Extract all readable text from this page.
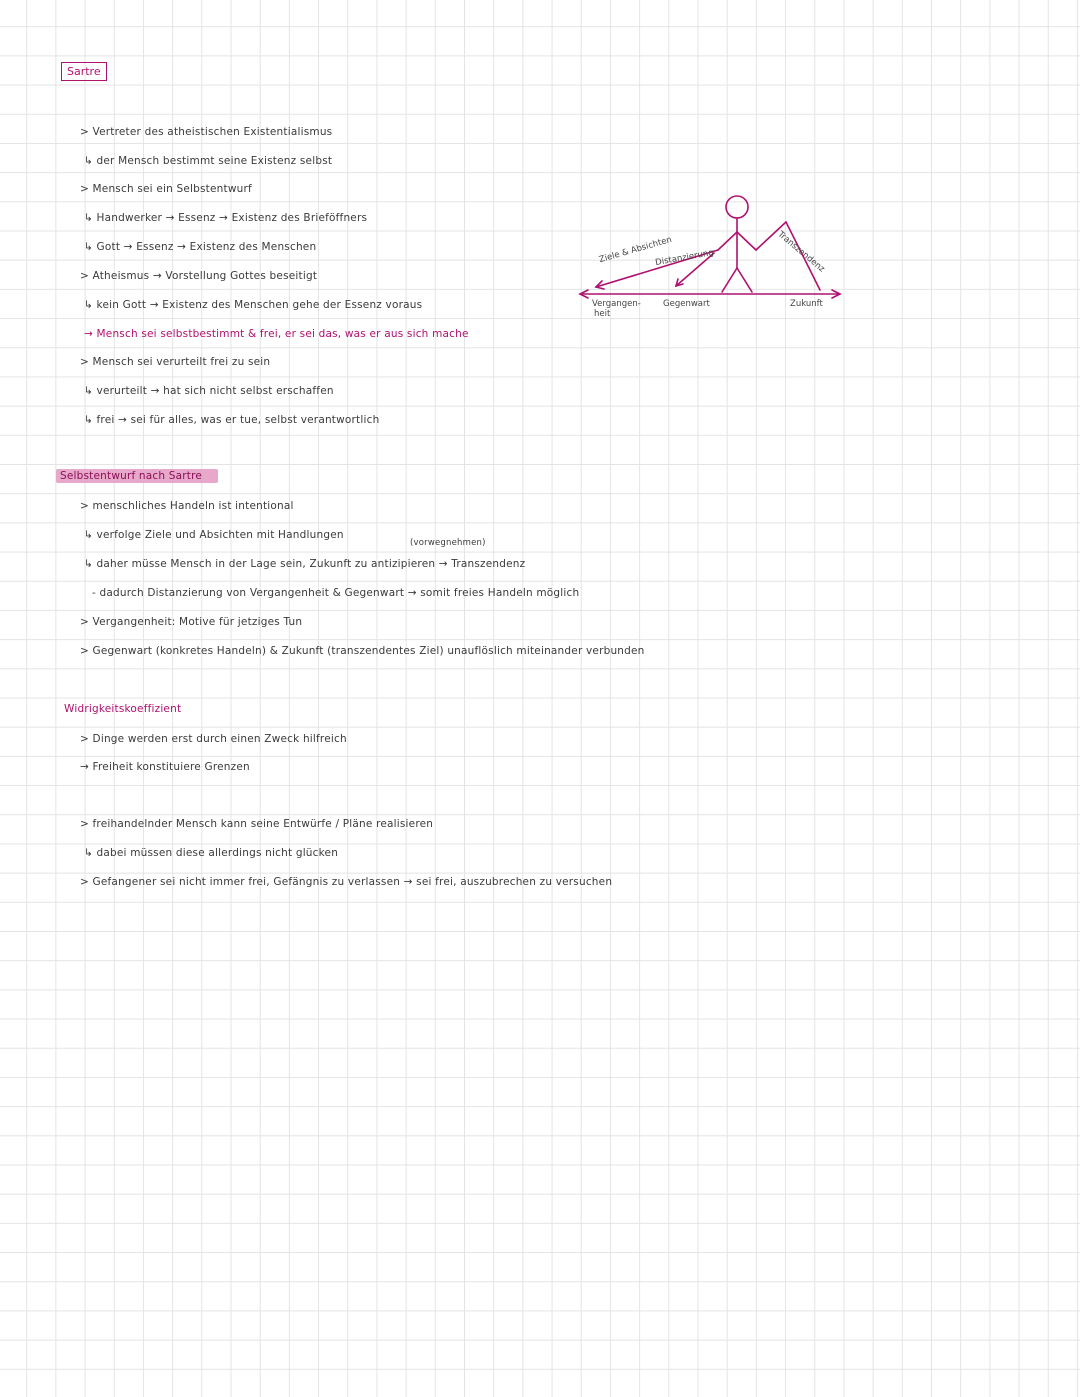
Sartre
> Vertreter des atheistischen Existentialismus
↳ der Mensch bestimmt seine Existenz selbst
> Mensch sei ein Selbstentwurf
↳ Handwerker → Essenz → Existenz des Brieföffners
↳ Gott → Essenz → Existenz des Menschen
> Atheismus → Vorstellung Gottes beseitigt
↳ kein Gott → Existenz des Menschen gehe der Essenz voraus
→ Mensch sei selbstbestimmt & frei, er sei das, was er aus sich mache
> Mensch sei verurteilt frei zu sein
↳ verurteilt → hat sich nicht selbst erschaffen
↳ frei → sei für alles, was er tue, selbst verantwortlich
Selbstentwurf nach Sartre
> menschliches Handeln ist intentional
↳ verfolge Ziele und Absichten mit Handlungen
(vorwegnehmen)
↳ daher müsse Mensch in der Lage sein, Zukunft zu antizipieren → Transzendenz
- dadurch Distanzierung von Vergangenheit & Gegenwart → somit freies Handeln möglich
> Vergangenheit: Motive für jetziges Tun
> Gegenwart (konkretes Handeln) & Zukunft (transzendentes Ziel) unauflöslich miteinander verbunden
Widrigkeitskoeffizient
> Dinge werden erst durch einen Zweck hilfreich
→ Freiheit konstituiere Grenzen
> freihandelnder Mensch kann seine Entwürfe / Pläne realisieren
↳ dabei müssen diese allerdings nicht glücken
> Gefangener sei nicht immer frei, Gefängnis zu verlassen → sei frei, auszubrechen zu versuchen
Ziele & Absichten
Distanzierung	Transzendenz
Vergangen-
heit
Gegenwart	Zukunft
